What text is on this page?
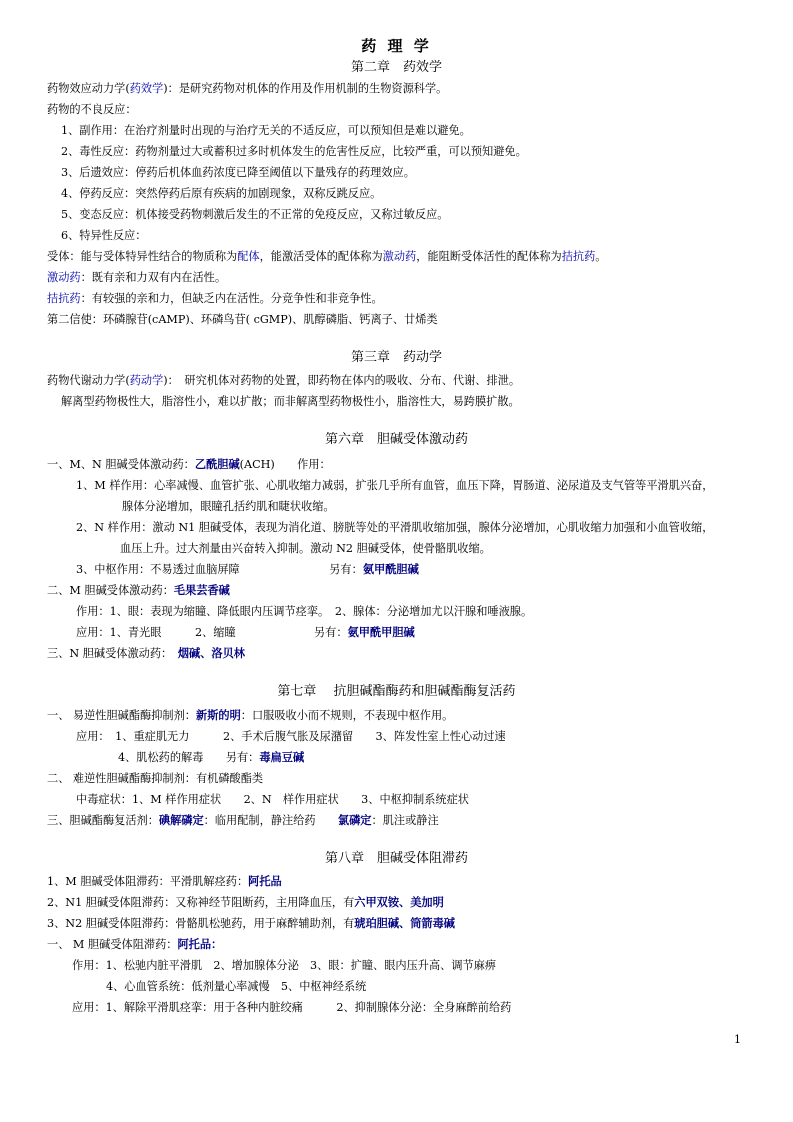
药 理 学
第二章　药效学
药物效应动力学(药效学)：是研究药物对机体的作用及作用机制的生物资源科学。
药物的不良反应：
1、副作用：在治疗剂量时出现的与治疗无关的不适反应，可以预知但是难以避免。
2、毒性反应：药物剂量过大或蓄积过多时机体发生的危害性反应，比较严重，可以预知避免。
3、后遗效应：停药后机体血药浓度已降至阈值以下量残存的药理效应。
4、停药反应：突然停药后原有疾病的加剧现象，双称反跳反应。
5、变态反应：机体接受药物刺激后发生的不正常的免疫反应，又称过敏反应。
6、特异性反应：
受体：能与受体特异性结合的物质称为配体，能激活受体的配体称为激动药，能阻断受体活性的配体称为拮抗药。
激动药：既有亲和力双有内在活性。
拮抗药：有较强的亲和力，但缺乏内在活性。分竞争性和非竞争性。
第二信使：环磷腺苷(cAMP)、环磷鸟苷( cGMP)、肌醇磷脂、钙离子、廿烯类
第三章　药动学
药物代谢动力学(药动学)：　研究机体对药物的处置，即药物在体内的吸收、分布、代谢、排泄。
解离型药物极性大，脂溶性小，难以扩散；而非解离型药物极性小，脂溶性大，易跨膜扩散。
第六章　胆碱受体激动药
一、M、N 胆碱受体激动药：乙酰胆碱(ACH)　　作用：
1、M 样作用：心率减慢、血管扩张、心肌收缩力减弱，扩张几乎所有血管，血压下降，胃肠道、泌尿道及支气管等平滑肌兴奋，
腺体分泌增加，眼瞳孔括约肌和睫状收缩。
2、N 样作用：激动 N1 胆碱受体，表现为消化道、膀胱等处的平滑肌收缩加强，腺体分泌增加，心肌收缩力加强和小血管收缩，
血压上升。过大剂量由兴奋转入抑制。激动 N2 胆碱受体，使骨骼肌收缩。
3、中枢作用：不易透过血脑屏障　　　　　　　　另有：氨甲酰胆碱
二、M 胆碱受体激动药：毛果芸香碱
作用：1、眼：表现为缩瞳、降低眼内压调节痉挛。　2、腺体：分泌增加尤以汗腺和唾液腺。
应用：1、青光眼　　　2、缩瞳　　　　　　　另有：氨甲酰甲胆碱
三、N 胆碱受体激动药：　烟碱、洛贝林
第七章　 抗胆碱酯酶药和胆碱酯酶复活药
一、 易逆性胆碱酯酶抑制剂：新斯的明：口服吸收小而不规则，不表现中枢作用。
应用：　1、重症肌无力　　　2、手术后腹气胀及尿潴留　　3、阵发性室上性心动过速
4、肌松药的解毒　　另有：毒扁豆碱
二、 难逆性胆碱酯酶抑制剂：有机磷酸酯类
中毒症状：1、M 样作用症状　　2、N　样作用症状　　3、中枢抑制系统症状
三、胆碱酯酶复活剂：碘解磷定：临用配制，静注给药　　氯磷定：肌注或静注
第八章　胆碱受体阻滞药
1、M 胆碱受体阻滞药：平滑肌解痉药：阿托品
2、N1 胆碱受体阻滞药：又称神经节阻断药，主用降血压，有六甲双铵、美加明
3、N2 胆碱受体阻滞药：骨骼肌松驰药，用于麻醉辅助剂，有琥珀胆碱、筒箭毒碱
一、 M 胆碱受体阻滞药：阿托品：
作用：1、松驰内脏平滑肌　2、增加腺体分泌　3、眼：扩瞳、眼内压升高、调节麻痹
4、心血管系统：低剂量心率减慢　5、中枢神经系统
应用：1、解除平滑肌痉挛：用于各种内脏绞痛　　　2、抑制腺体分泌：全身麻醉前给药
1
